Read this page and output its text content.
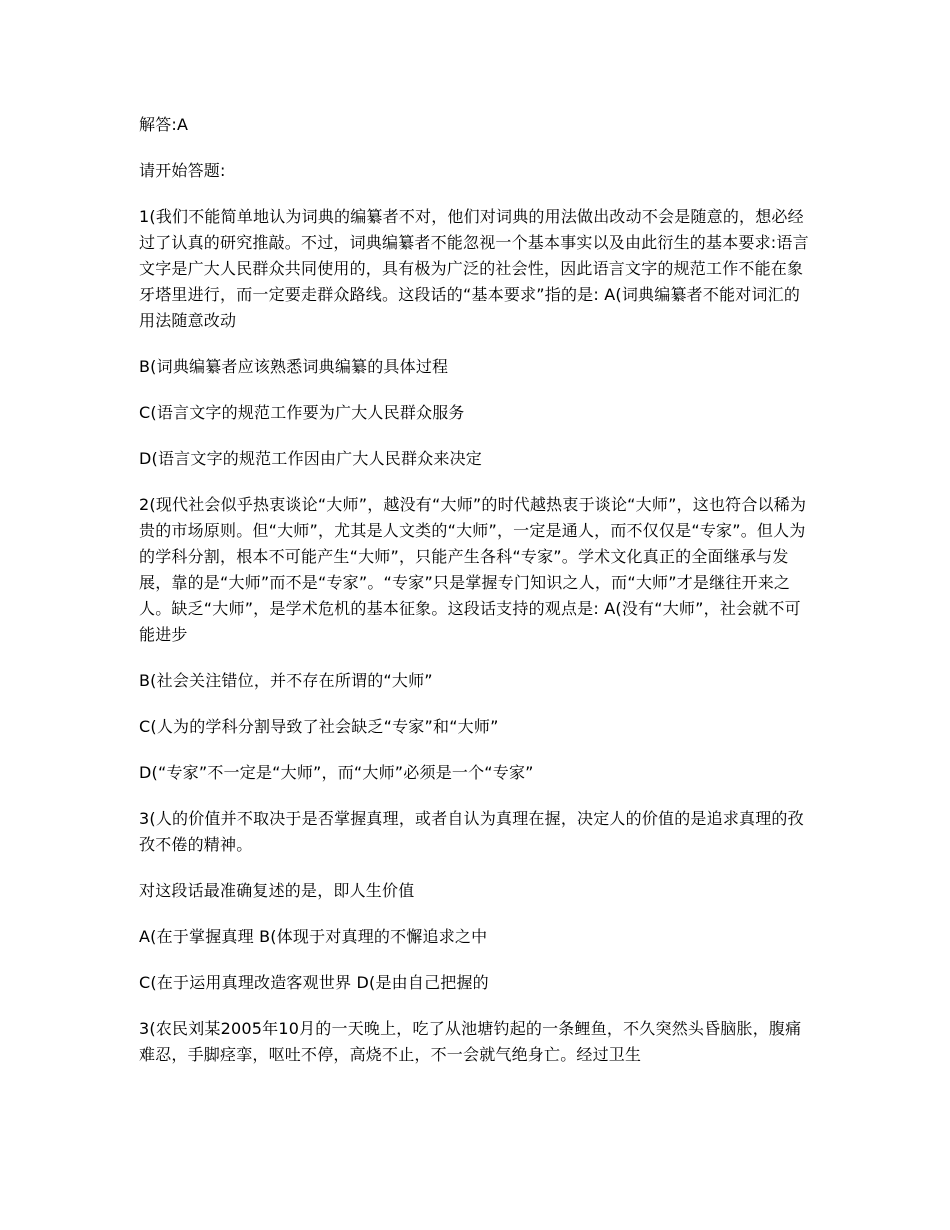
解答:A

请开始答题:

1(我们不能简单地认为词典的编纂者不对，他们对词典的用法做出改动不会是随意的，想必经过了认真的研究推敲。不过，词典编纂者不能忽视一个基本事实以及由此衍生的基本要求:语言文字是广大人民群众共同使用的，具有极为广泛的社会性，因此语言文字的规范工作不能在象牙塔里进行，而一定要走群众路线。这段话的“基本要求”指的是: A(词典编纂者不能对词汇的用法随意改动

B(词典编纂者应该熟悉词典编纂的具体过程

C(语言文字的规范工作要为广大人民群众服务

D(语言文字的规范工作因由广大人民群众来决定

2(现代社会似乎热衷谈论“大师”，越没有“大师”的时代越热衷于谈论“大师”，这也符合以稀为贵的市场原则。但“大师”，尤其是人文类的“大师”，一定是通人，而不仅仅是“专家”。但人为的学科分割，根本不可能产生“大师”，只能产生各科“专家”。学术文化真正的全面继承与发展，靠的是“大师”而不是“专家”。“专家”只是掌握专门知识之人，而“大师”才是继往开来之人。缺乏“大师”，是学术危机的基本征象。这段话支持的观点是: A(没有“大师”，社会就不可能进步

B(社会关注错位，并不存在所谓的“大师”

C(人为的学科分割导致了社会缺乏“专家”和“大师”

D(“专家”不一定是“大师”，而“大师”必须是一个“专家”

3(人的价值并不取决于是否掌握真理，或者自认为真理在握，决定人的价值的是追求真理的孜孜不倦的精神。

对这段话最准确复述的是，即人生价值

A(在于掌握真理 B(体现于对真理的不懈追求之中

C(在于运用真理改造客观世界 D(是由自己把握的

3(农民刘某2005年10月的一天晚上，吃了从池塘钓起的一条鲤鱼，不久突然头昏脑胀，腹痛难忍，手脚痉挛，呕吐不停，高烧不止，不一会就气绝身亡。经过卫生
